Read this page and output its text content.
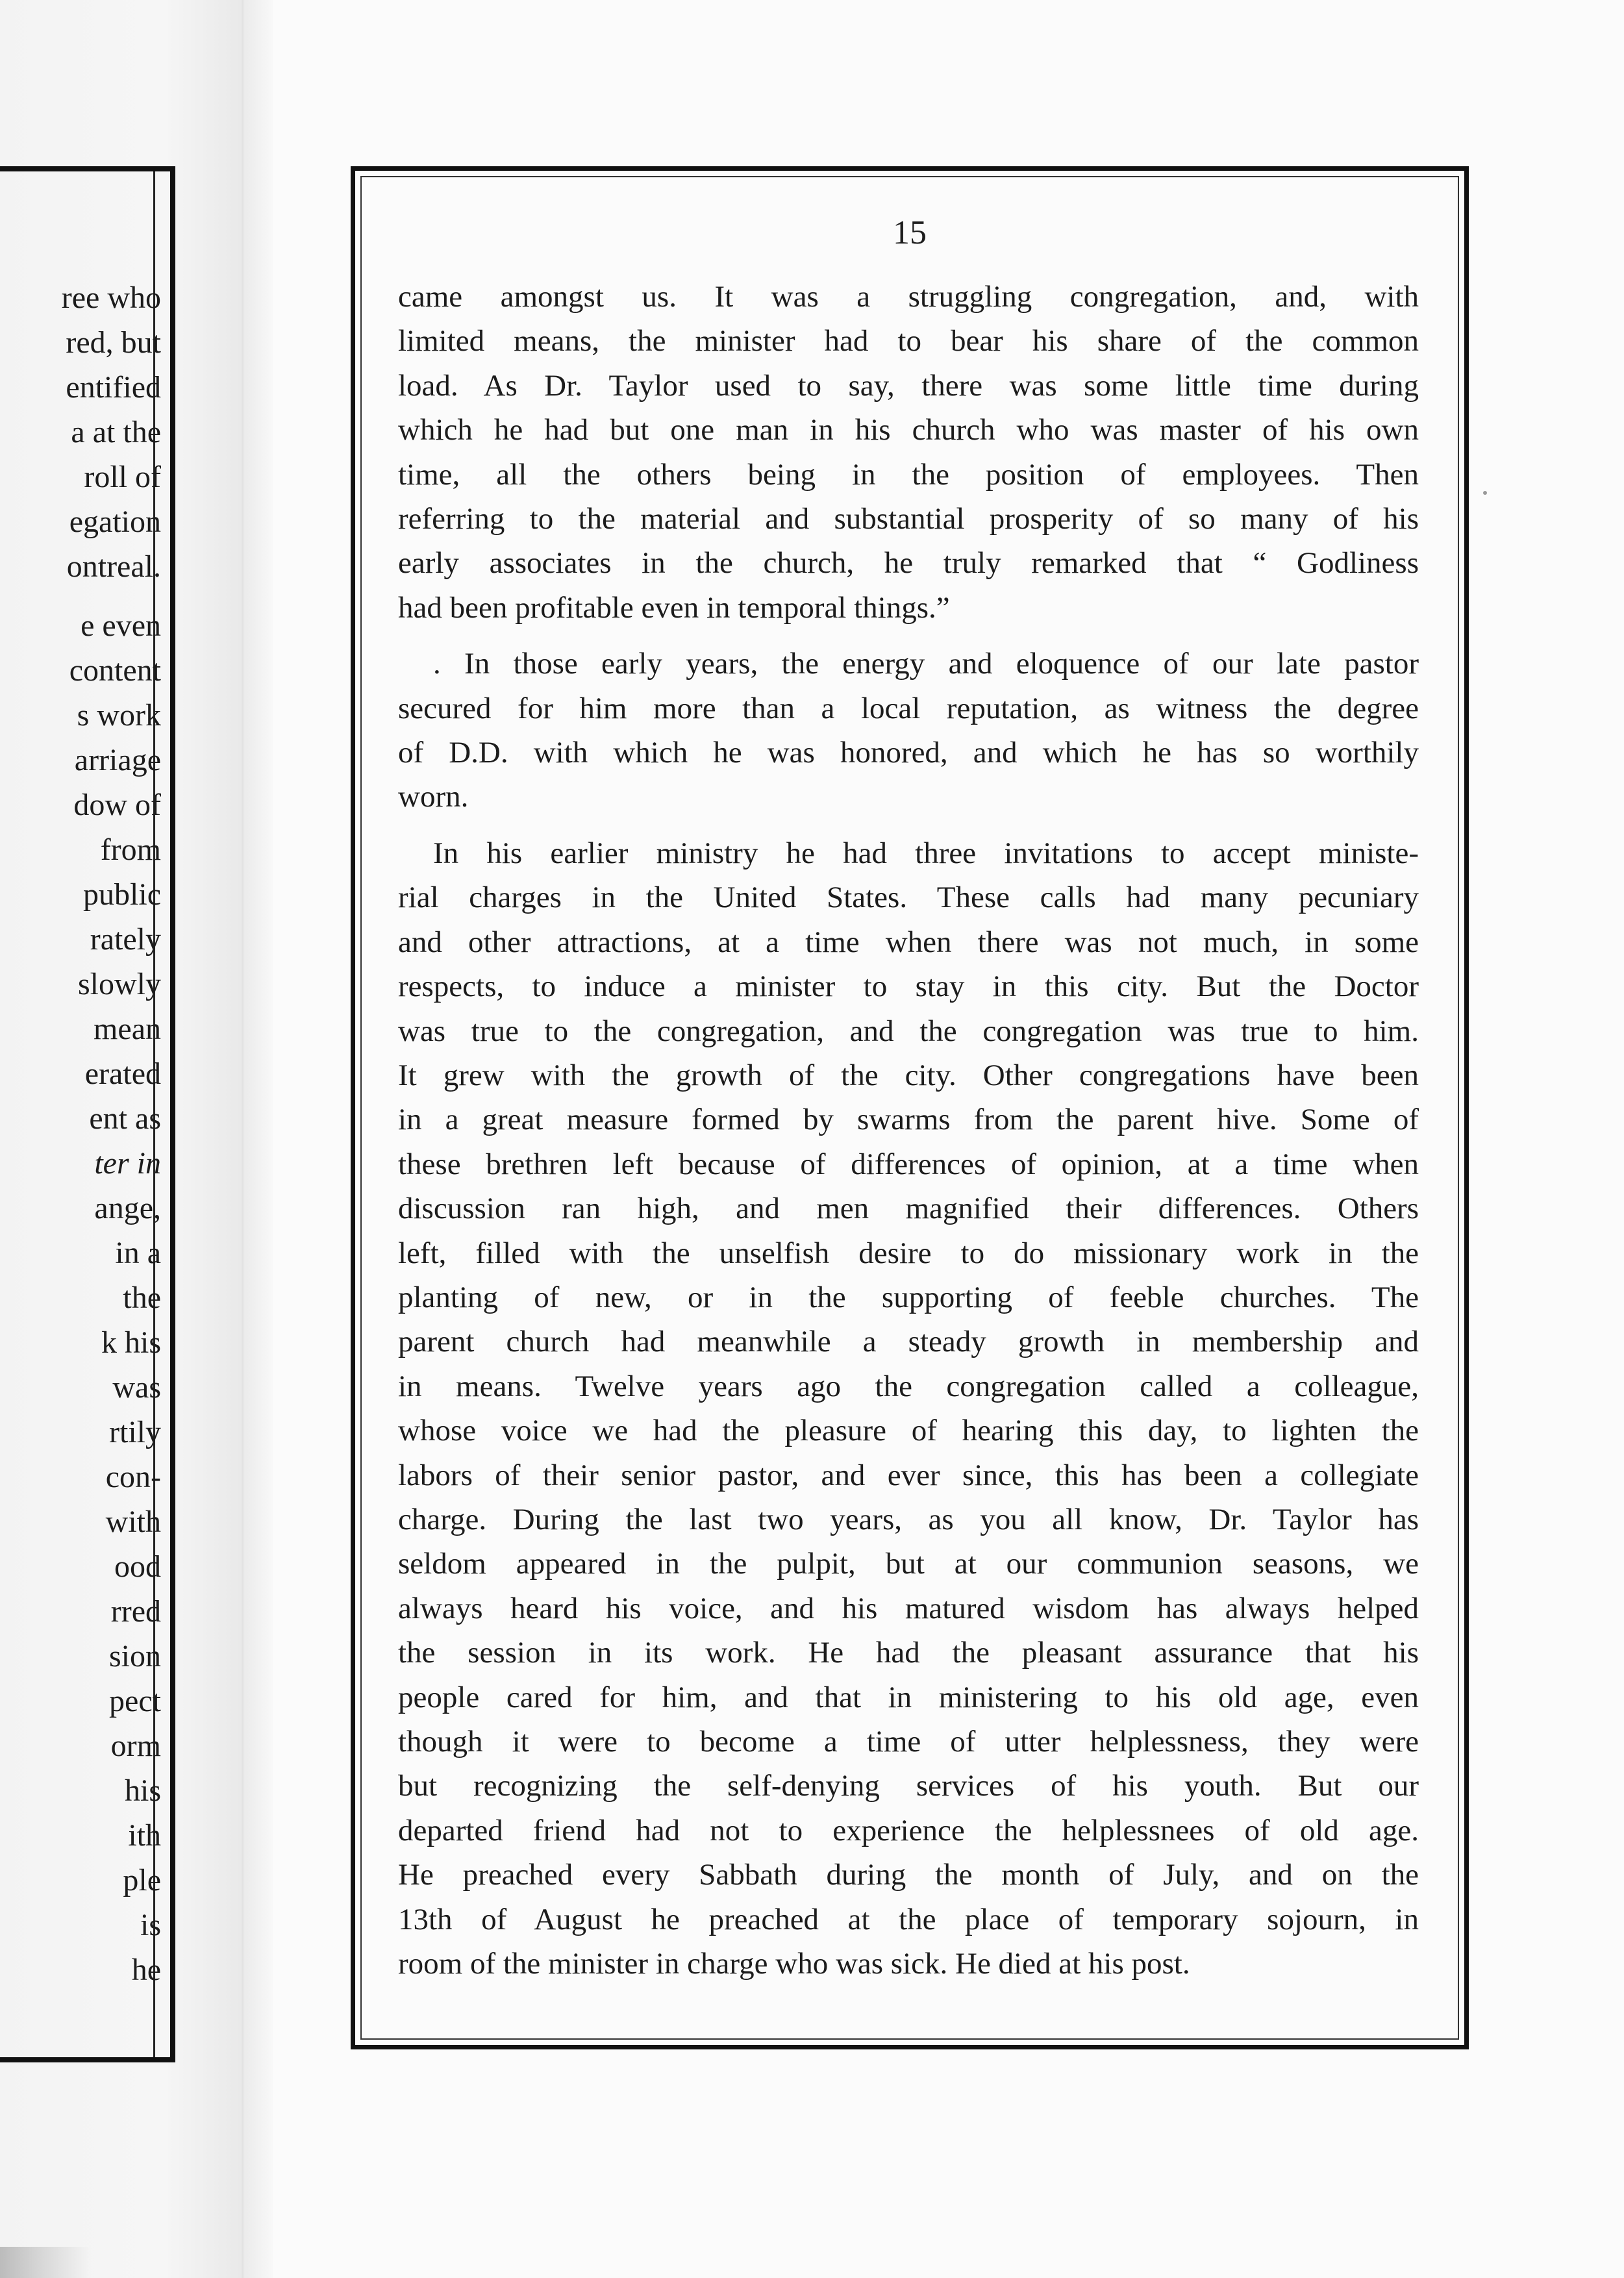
ree who
red, but
entified
a at the
roll of
egation
ontreal.
e even
content
s work
arriage
dow of
from
public
rately
slowly
mean
erated
ent as
ter in
ange,
in a
the
k his
was
rtily
con-
with
ood
rred
sion
pect
orm
his
ith
ple
is
he
15
came amongst us. It was a struggling congregation, and, with
limited means, the minister had to bear his share of the common
load. As Dr. Taylor used to say, there was some little time during
which he had but one man in his church who was master of his own
time, all the others being in the position of employees. Then
referring to the material and substantial prosperity of so many of his
early associates in the church, he truly remarked that “ Godliness
had been profitable even in temporal things.”
. In those early years, the energy and eloquence of our late pastor
secured for him more than a local reputation, as witness the degree
of D.D. with which he was honored, and which he has so worthily
worn.
In his earlier ministry he had three invitations to accept ministe-
rial charges in the United States. These calls had many pecuniary
and other attractions, at a time when there was not much, in some
respects, to induce a minister to stay in this city. But the Doctor
was true to the congregation, and the congregation was true to him.
It grew with the growth of the city. Other congregations have been
in a great measure formed by swarms from the parent hive. Some of
these brethren left because of differences of opinion, at a time when
discussion ran high, and men magnified their differences. Others
left, filled with the unselfish desire to do missionary work in the
planting of new, or in the supporting of feeble churches. The
parent church had meanwhile a steady growth in membership and
in means. Twelve years ago the congregation called a colleague,
whose voice we had the pleasure of hearing this day, to lighten the
labors of their senior pastor, and ever since, this has been a collegiate
charge. During the last two years, as you all know, Dr. Taylor has
seldom appeared in the pulpit, but at our communion seasons, we
always heard his voice, and his matured wisdom has always helped
the session in its work. He had the pleasant assurance that his
people cared for him, and that in ministering to his old age, even
though it were to become a time of utter helplessness, they were
but recognizing the self-denying services of his youth. But our
departed friend had not to experience the helplessnees of old age.
He preached every Sabbath during the month of July, and on the
13th of August he preached at the place of temporary sojourn, in
room of the minister in charge who was sick. He died at his post.
